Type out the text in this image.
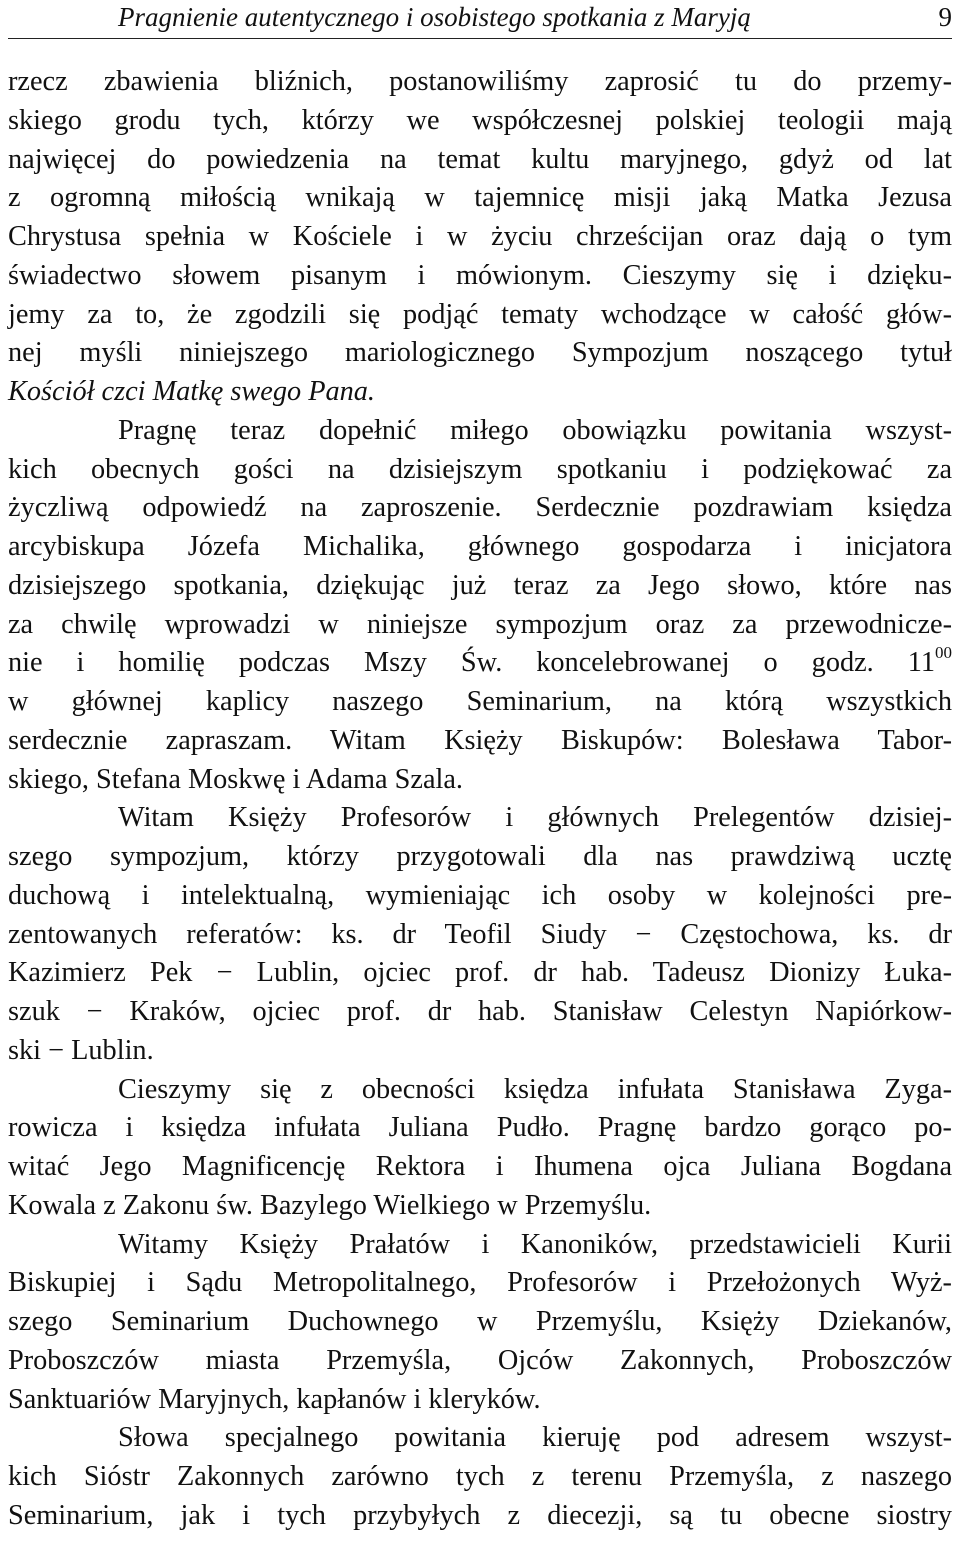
Pragnienie autentycznego i osobistego spotkania z Maryją	9
rzecz zbawienia bliźnich, postanowiliśmy zaprosić tu do przemy-
skiego grodu tych, którzy we współczesnej polskiej teologii mają
najwięcej do powiedzenia na temat kultu maryjnego, gdyż od lat
z ogromną miłością wnikają w tajemnicę misji jaką Matka Jezusa
Chrystusa spełnia w Kościele i w życiu chrześcijan oraz dają o tym
świadectwo słowem pisanym i mówionym. Cieszymy się i dzięku-
jemy za to, że zgodzili się podjąć tematy wchodzące w całość głów-
nej myśli niniejszego mariologicznego Sympozjum noszącego tytuł
Kościół czci Matkę swego Pana.
Pragnę teraz dopełnić miłego obowiązku powitania wszyst-
kich obecnych gości na dzisiejszym spotkaniu i podziękować za
życzliwą odpowiedź na zaproszenie. Serdecznie pozdrawiam księdza
arcybiskupa Józefa Michalika, głównego gospodarza i inicjatora
dzisiejszego spotkania, dziękując już teraz za Jego słowo, które nas
za chwilę wprowadzi w niniejsze sympozjum oraz za przewodnicze-
nie i homilię podczas Mszy Św. koncelebrowanej o godz. $11^{00}$
w głównej kaplicy naszego Seminarium, na którą wszystkich
serdecznie zapraszam. Witam Księży Biskupów: Bolesława Tabor-
skiego, Stefana Moskwę i Adama Szala.
Witam Księży Profesorów i głównych Prelegentów dzisiej-
szego sympozjum, którzy przygotowali dla nas prawdziwą ucztę
duchową i intelektualną, wymieniając ich osoby w kolejności pre-
zentowanych referatów: ks. dr Teofil Siudy − Częstochowa, ks. dr
Kazimierz Pek − Lublin, ojciec prof. dr hab. Tadeusz Dionizy Łuka-
szuk − Kraków, ojciec prof. dr hab. Stanisław Celestyn Napiórkow-
ski − Lublin.
Cieszymy się z obecności księdza infułata Stanisława Zyga-
rowicza i księdza infułata Juliana Pudło. Pragnę bardzo gorąco po-
witać Jego Magnificencję Rektora i Ihumena ojca Juliana Bogdana
Kowala z Zakonu św. Bazylego Wielkiego w Przemyślu.
Witamy Księży Prałatów i Kanoników, przedstawicieli Kurii
Biskupiej i Sądu Metropolitalnego, Profesorów i Przełożonych Wyż-
szego Seminarium Duchownego w Przemyślu, Księży Dziekanów,
Proboszczów miasta Przemyśla, Ojców Zakonnych, Proboszczów
Sanktuariów Maryjnych, kapłanów i kleryków.
Słowa specjalnego powitania kieruję pod adresem wszyst-
kich Sióstr Zakonnych zarówno tych z terenu Przemyśla, z naszego
Seminarium, jak i tych przybyłych z diecezji, są tu obecne siostry
